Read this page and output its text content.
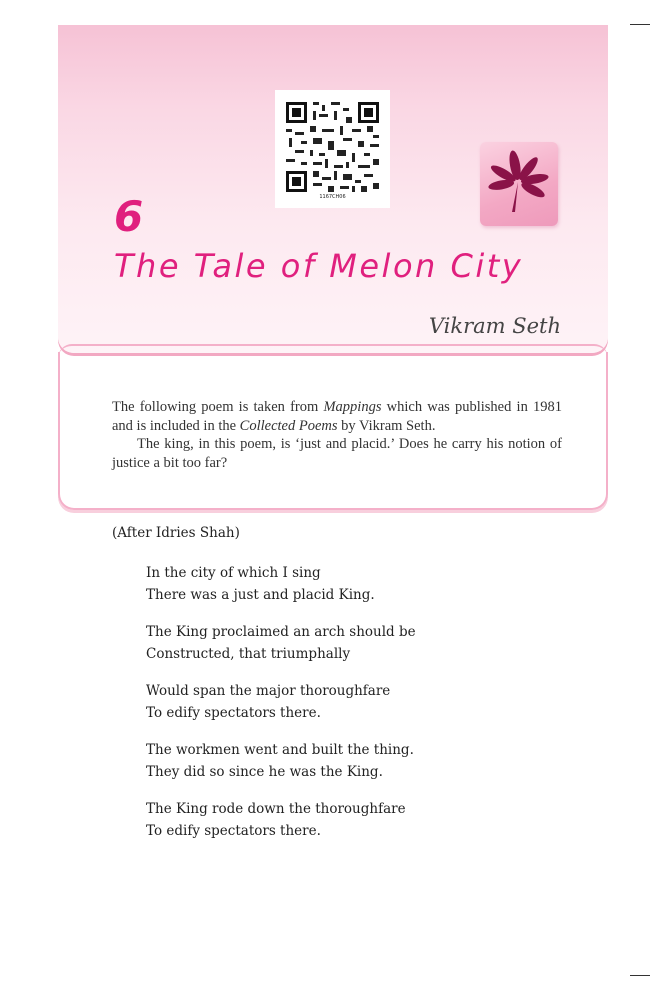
1167CH06
6
The Tale of Melon City
Vikram Seth

The following poem is taken from Mappings which was published in 1981 and is included in the Collected Poems by Vikram Seth.

The king, in this poem, is ‘just and placid.’ Does he carry his notion of justice a bit too far?

(After Idries Shah)
In the city of which I sing
There was a just and placid King.
The King proclaimed an arch should be
Constructed, that triumphally
Would span the major thoroughfare
To edify spectators there.
The workmen went and built the thing.
They did so since he was the King.
The King rode down the thoroughfare
To edify spectators there.
